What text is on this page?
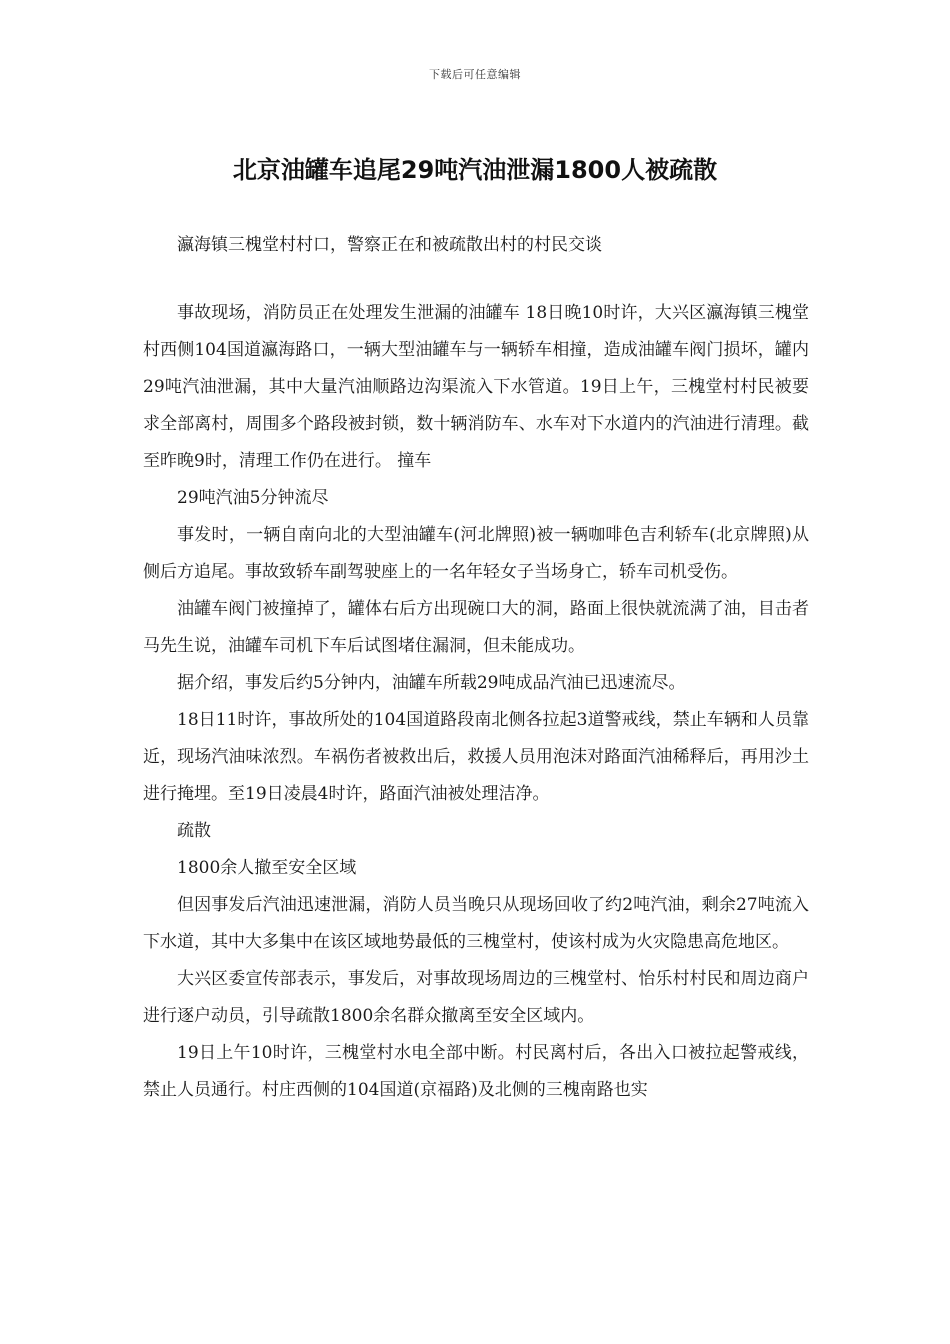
下载后可任意编辑
北京油罐车追尾29吨汽油泄漏1800人被疏散

瀛海镇三槐堂村村口，警察正在和被疏散出村的村民交谈

事故现场，消防员正在处理发生泄漏的油罐车 18日晚10时许，大兴区瀛海镇三槐堂村西侧104国道瀛海路口，一辆大型油罐车与一辆轿车相撞，造成油罐车阀门损坏，罐内29吨汽油泄漏，其中大量汽油顺路边沟渠流入下水管道。19日上午，三槐堂村村民被要求全部离村，周围多个路段被封锁，数十辆消防车、水车对下水道内的汽油进行清理。截至昨晚9时，清理工作仍在进行。 撞车

29吨汽油5分钟流尽

事发时，一辆自南向北的大型油罐车(河北牌照)被一辆咖啡色吉利轿车(北京牌照)从侧后方追尾。事故致轿车副驾驶座上的一名年轻女子当场身亡，轿车司机受伤。

油罐车阀门被撞掉了，罐体右后方出现碗口大的洞，路面上很快就流满了油，目击者马先生说，油罐车司机下车后试图堵住漏洞，但未能成功。

据介绍，事发后约5分钟内，油罐车所载29吨成品汽油已迅速流尽。

18日11时许，事故所处的104国道路段南北侧各拉起3道警戒线，禁止车辆和人员靠近，现场汽油味浓烈。车祸伤者被救出后，救援人员用泡沫对路面汽油稀释后，再用沙土进行掩埋。至19日凌晨4时许，路面汽油被处理洁净。

疏散

1800余人撤至安全区域

但因事发后汽油迅速泄漏，消防人员当晚只从现场回收了约2吨汽油，剩余27吨流入下水道，其中大多集中在该区域地势最低的三槐堂村，使该村成为火灾隐患高危地区。

大兴区委宣传部表示，事发后，对事故现场周边的三槐堂村、怡乐村村民和周边商户进行逐户动员，引导疏散1800余名群众撤离至安全区域内。

19日上午10时许，三槐堂村水电全部中断。村民离村后，各出入口被拉起警戒线，禁止人员通行。村庄西侧的104国道(京福路)及北侧的三槐南路也实
